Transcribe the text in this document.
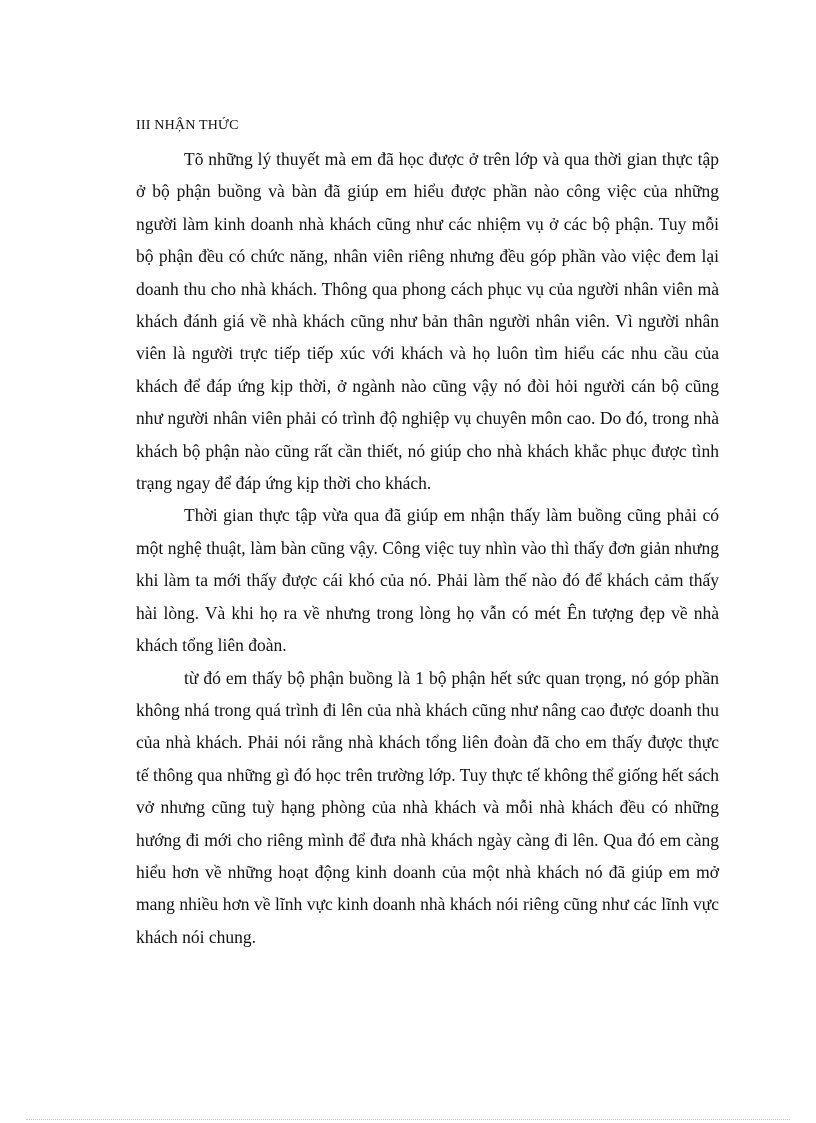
III NHẬN THỨC

Tõ những lý thuyết mà em đã học được ở trên lớp và qua thời gian thực tập ở bộ phận buồng và bàn đã giúp em hiểu được phần nào công việc của những người làm kinh doanh nhà khách cũng như các nhiệm vụ ở các bộ phận. Tuy mỗi bộ phận đều có chức năng, nhân viên riêng nhưng đều góp phần vào việc đem lại doanh thu cho nhà khách. Thông qua phong cách phục vụ của người nhân viên mà khách đánh giá về nhà khách cũng như bản thân người nhân viên. Vì người nhân viên là người trực tiếp tiếp xúc với khách và họ luôn tìm hiểu các nhu cầu của khách để đáp ứng kịp thời, ở ngành nào cũng vậy nó đòi hỏi người cán bộ cũng như người nhân viên phải có trình độ nghiệp vụ chuyên môn cao. Do đó, trong nhà khách bộ phận nào cũng rất cần thiết, nó giúp cho nhà khách khắc phục được tình trạng ngay để đáp ứng kịp thời cho khách.

Thời gian thực tập vừa qua đã giúp em nhận thấy làm buồng cũng phải có một nghệ thuật, làm bàn cũng vậy. Công việc tuy nhìn vào thì thấy đơn giản nhưng khi làm ta mới thấy được cái khó của nó. Phải làm thế nào đó để khách cảm thấy hài lòng. Và khi họ ra về nhưng trong lòng họ vẫn có mét Ên tượng đẹp về nhà khách tổng liên đoàn.

từ đó em thấy bộ phận buồng là 1 bộ phận hết sức quan trọng, nó góp phần không nhá trong quá trình đi lên của nhà khách cũng như nâng cao được doanh thu của nhà khách. Phải nói rằng nhà khách tổng liên đoàn đã cho em thấy được thực tế thông qua những gì đó học trên trường lớp. Tuy thực tế không thể giống hết sách vở nhưng cũng tuỳ hạng phòng của nhà khách và mỗi nhà khách đều có những hướng đi mới cho riêng mình để đưa nhà khách ngày càng đi lên. Qua đó em càng hiểu hơn về những hoạt động kinh doanh của một nhà khách nó đã giúp em mở mang nhiều hơn về lĩnh vực kinh doanh nhà khách nói riêng cũng như các lĩnh vực khách nói chung.
